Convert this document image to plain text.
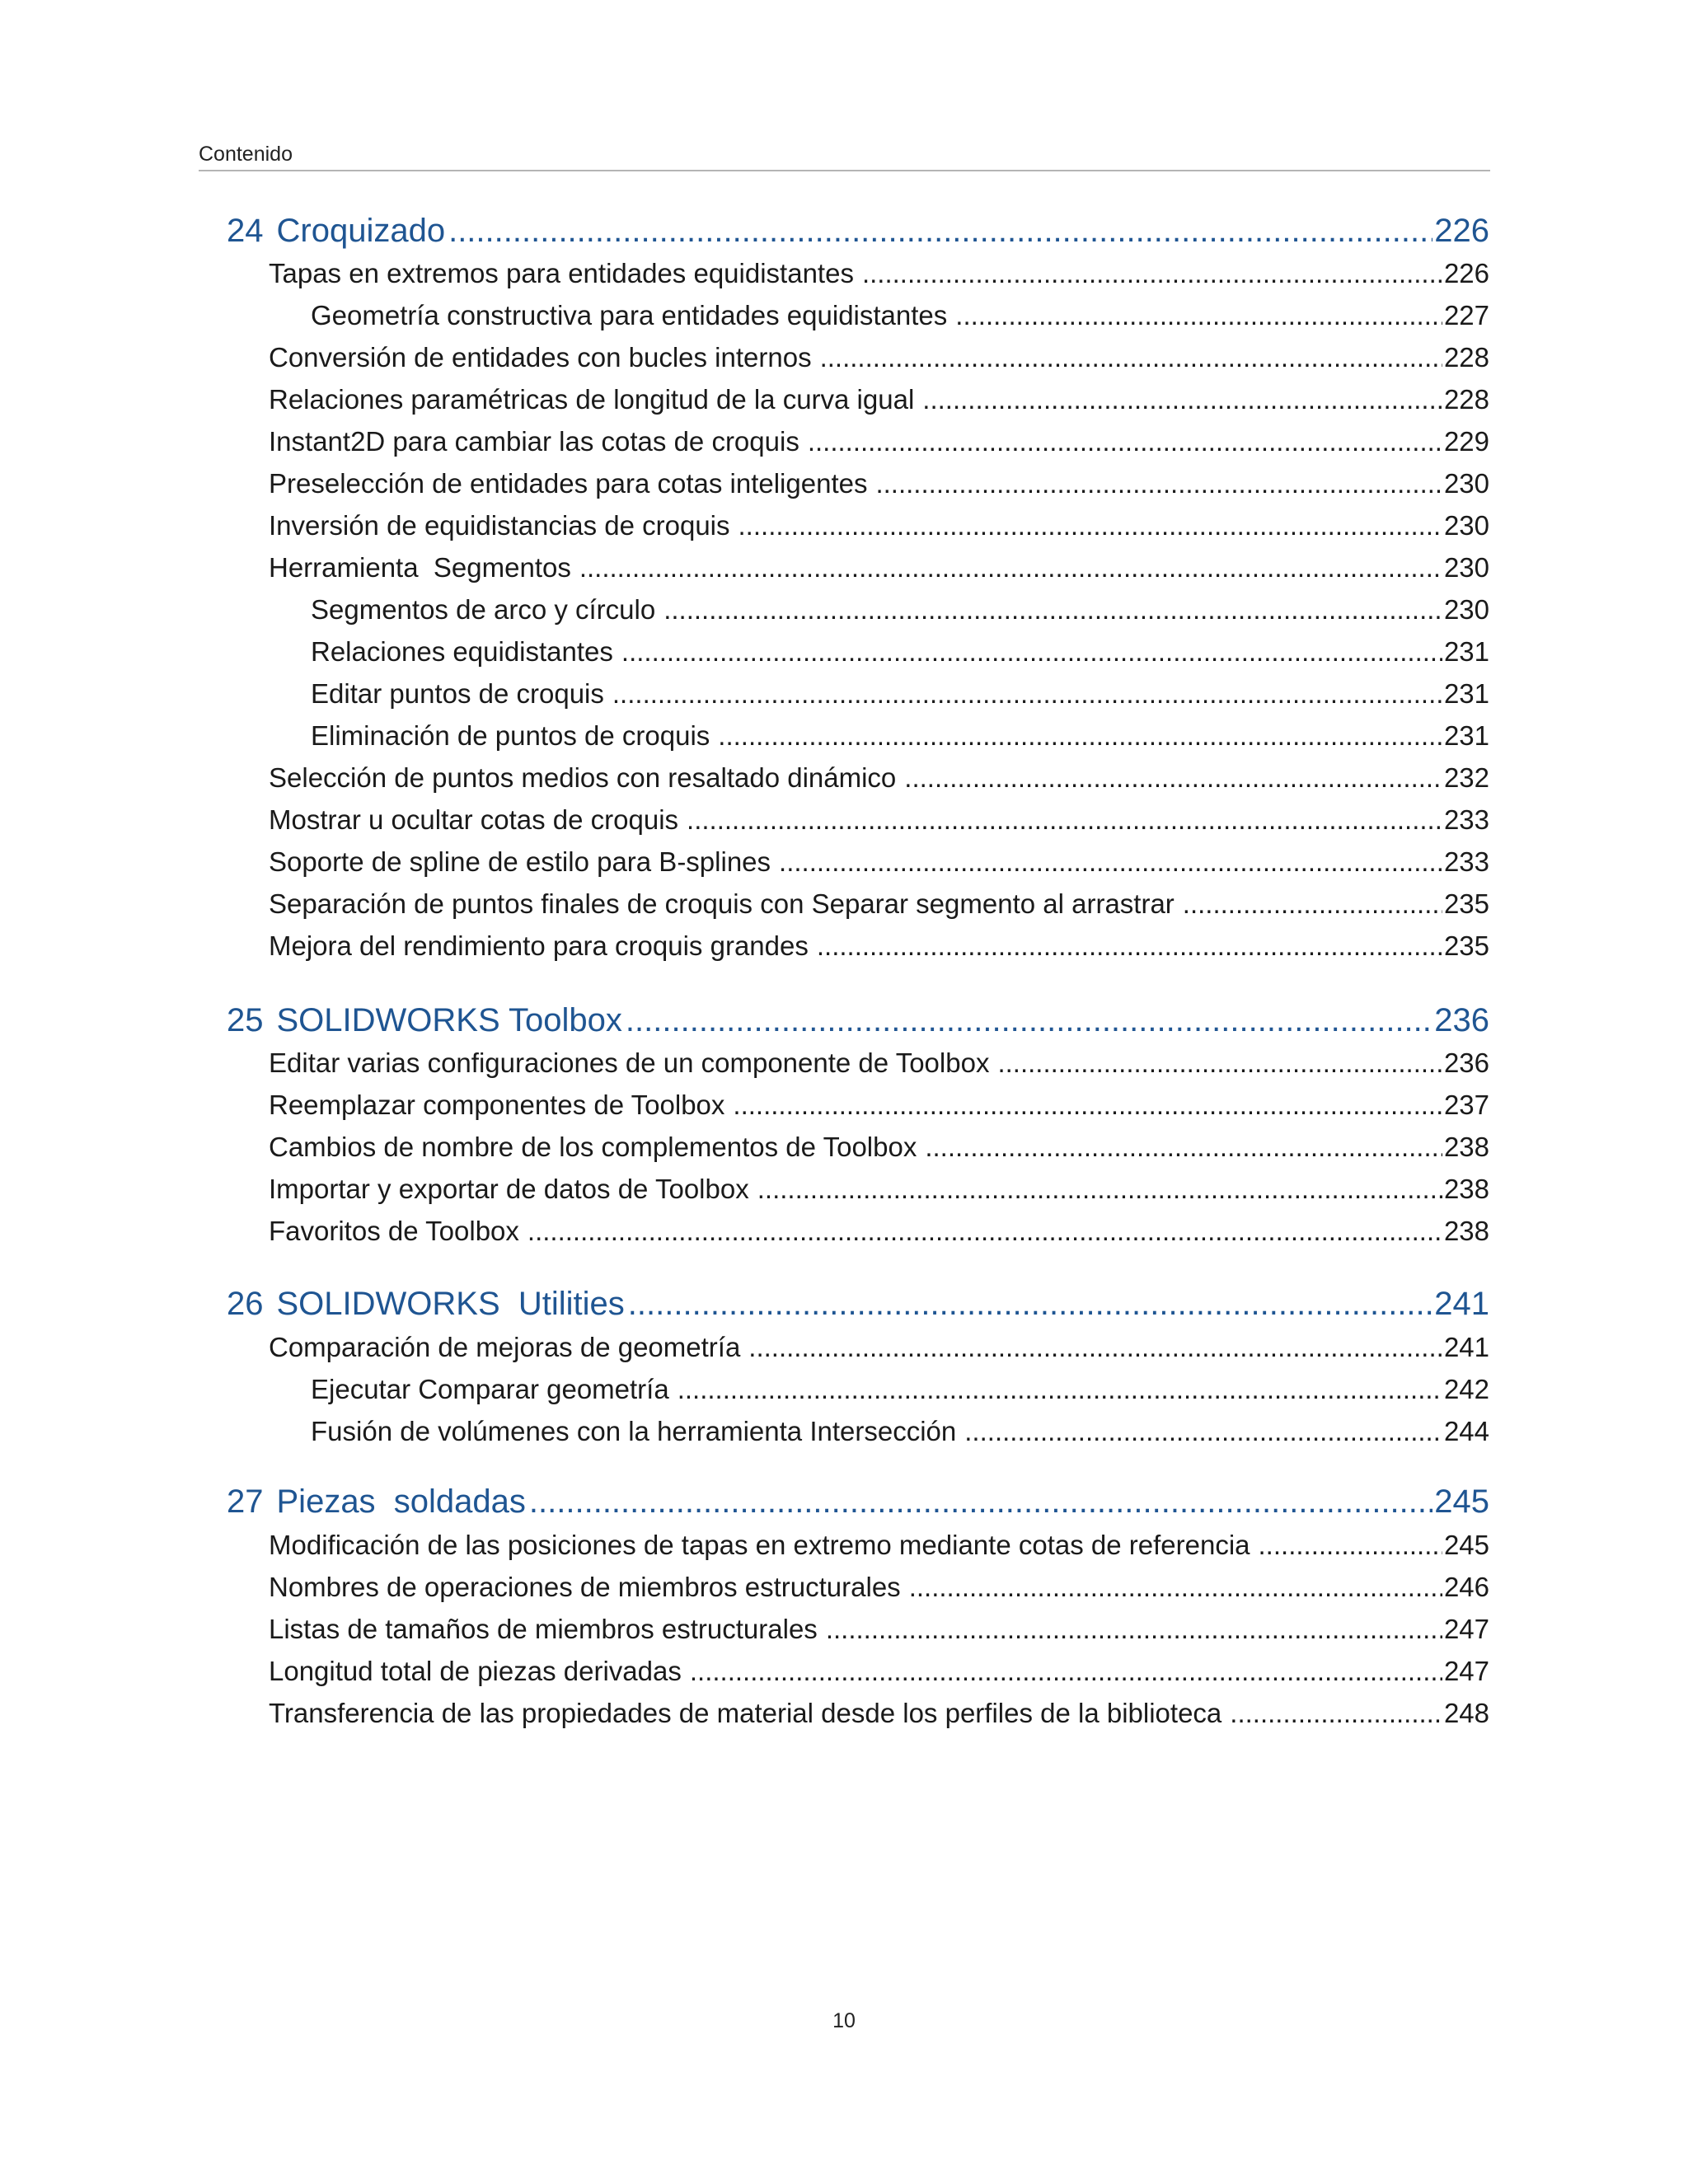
Contenido
24 Croquizado .....	226
Tapas en extremos para entidades equidistantes .....	226
Geometría constructiva para entidades equidistantes .....	227
Conversión de entidades con bucles internos .....	228
Relaciones paramétricas de longitud de la curva igual .....	228
Instant2D para cambiar las cotas de croquis .....	229
Preselección de entidades para cotas inteligentes .....	230
Inversión de equidistancias de croquis .....	230
Herramienta  Segmentos .....	230
Segmentos de arco y círculo .....	230
Relaciones equidistantes .....	231
Editar puntos de croquis .....	231
Eliminación de puntos de croquis .....	231
Selección de puntos medios con resaltado dinámico .....	232
Mostrar u ocultar cotas de croquis .....	233
Soporte de spline de estilo para B-splines .....	233
Separación de puntos finales de croquis con Separar segmento al arrastrar .....	235
Mejora del rendimiento para croquis grandes .....	235
25 SOLIDWORKS Toolbox .....	236
Editar varias configuraciones de un componente de Toolbox .....	236
Reemplazar componentes de Toolbox .....	237
Cambios de nombre de los complementos de Toolbox .....	238
Importar y exportar de datos de Toolbox .....	238
Favoritos de Toolbox .....	238
26 SOLIDWORKS  Utilities .....	241
Comparación de mejoras de geometría .....	241
Ejecutar Comparar geometría .....	242
Fusión de volúmenes con la herramienta Intersección .....	244
27 Piezas  soldadas .....	245
Modificación de las posiciones de tapas en extremo mediante cotas de referencia .....	245
Nombres de operaciones de miembros estructurales .....	246
Listas de tamaños de miembros estructurales .....	247
Longitud total de piezas derivadas .....	247
Transferencia de las propiedades de material desde los perfiles de la biblioteca .....	248
10
